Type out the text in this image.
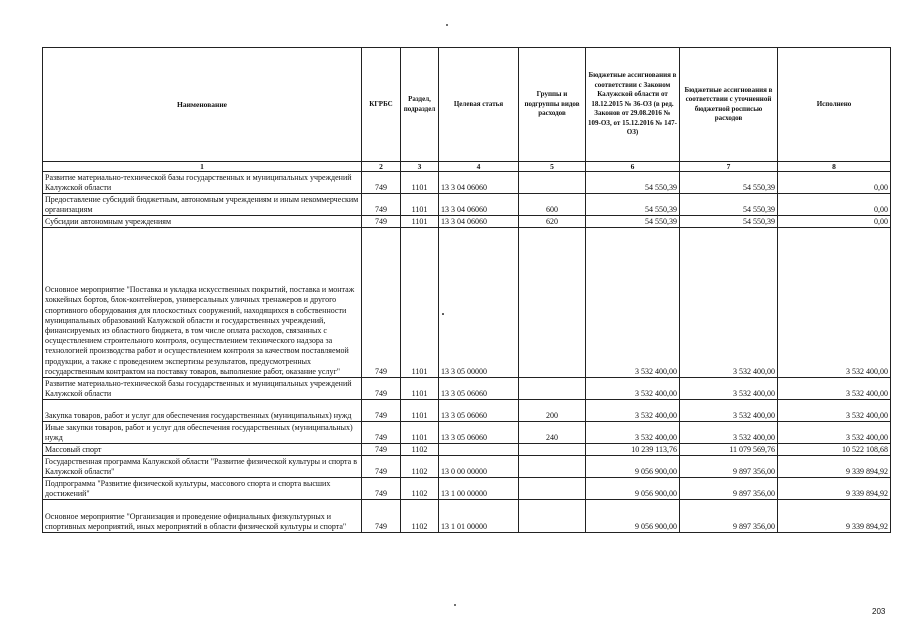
Наименование	КГРБС	Раздел, подраздел	Целевая статья	Группы и подгруппы видов расходов	Бюджетные ассигнования в соответствии с Законом Калужской области от 18.12.2015 № 36-ОЗ (в ред. Законов от 29.08.2016 № 109-ОЗ, от 15.12.2016 № 147-ОЗ)	Бюджетные ассигнования в соответствии с уточненной бюджетной росписью расходов	Исполнено
1	2	3	4	5	6	7	8
Развитие материально-технической базы государственных и муниципальных учреждений Калужской области	749	1101	13 3 04 06060		54 550,39	54 550,39	0,00
Предоставление субсидий бюджетным, автономным учреждениям и иным некоммерческим организациям	749	1101	13 3 04 06060	600	54 550,39	54 550,39	0,00
Субсидии автономным учреждениям	749	1101	13 3 04 06060	620	54 550,39	54 550,39	0,00
Основное мероприятие "Поставка и укладка искусственных покрытий, поставка и монтаж хоккейных бортов, блок-контейнеров, универсальных уличных тренажеров и другого спортивного оборудования для плоскостных сооружений, находящихся в собственности муниципальных образований Калужской области и государственных учреждений, финансируемых из областного бюджета, в том числе оплата расходов, связанных с осуществлением строительного контроля, осуществлением технического надзора за технологией производства работ и осуществлением контроля за качеством поставляемой продукции, а также с проведением экспертизы результатов, предусмотренных государственным контрактом на поставку товаров, выполнение работ, оказание услуг"	749	1101	13 3 05 00000		3 532 400,00	3 532 400,00	3 532 400,00
Развитие материально-технической базы государственных и муниципальных учреждений Калужской области	749	1101	13 3 05 06060		3 532 400,00	3 532 400,00	3 532 400,00
Закупка товаров, работ и услуг для обеспечения государственных (муниципальных) нужд	749	1101	13 3 05 06060	200	3 532 400,00	3 532 400,00	3 532 400,00
Иные закупки товаров, работ и услуг для обеспечения государственных (муниципальных) нужд	749	1101	13 3 05 06060	240	3 532 400,00	3 532 400,00	3 532 400,00
Массовый спорт	749	1102			10 239 113,76	11 079 569,76	10 522 108,68
Государственная программа Калужской области "Развитие физической культуры и спорта в Калужской области"	749	1102	13 0 00 00000		9 056 900,00	9 897 356,00	9 339 894,92
Подпрограмма "Развитие физической культуры, массового спорта и спорта высших достижений"	749	1102	13 1 00 00000		9 056 900,00	9 897 356,00	9 339 894,92
Основное мероприятие "Организация и проведение официальных физкультурных и спортивных мероприятий, иных мероприятий в области физической культуры и спорта"	749	1102	13 1 01 00000		9 056 900,00	9 897 356,00	9 339 894,92
203
